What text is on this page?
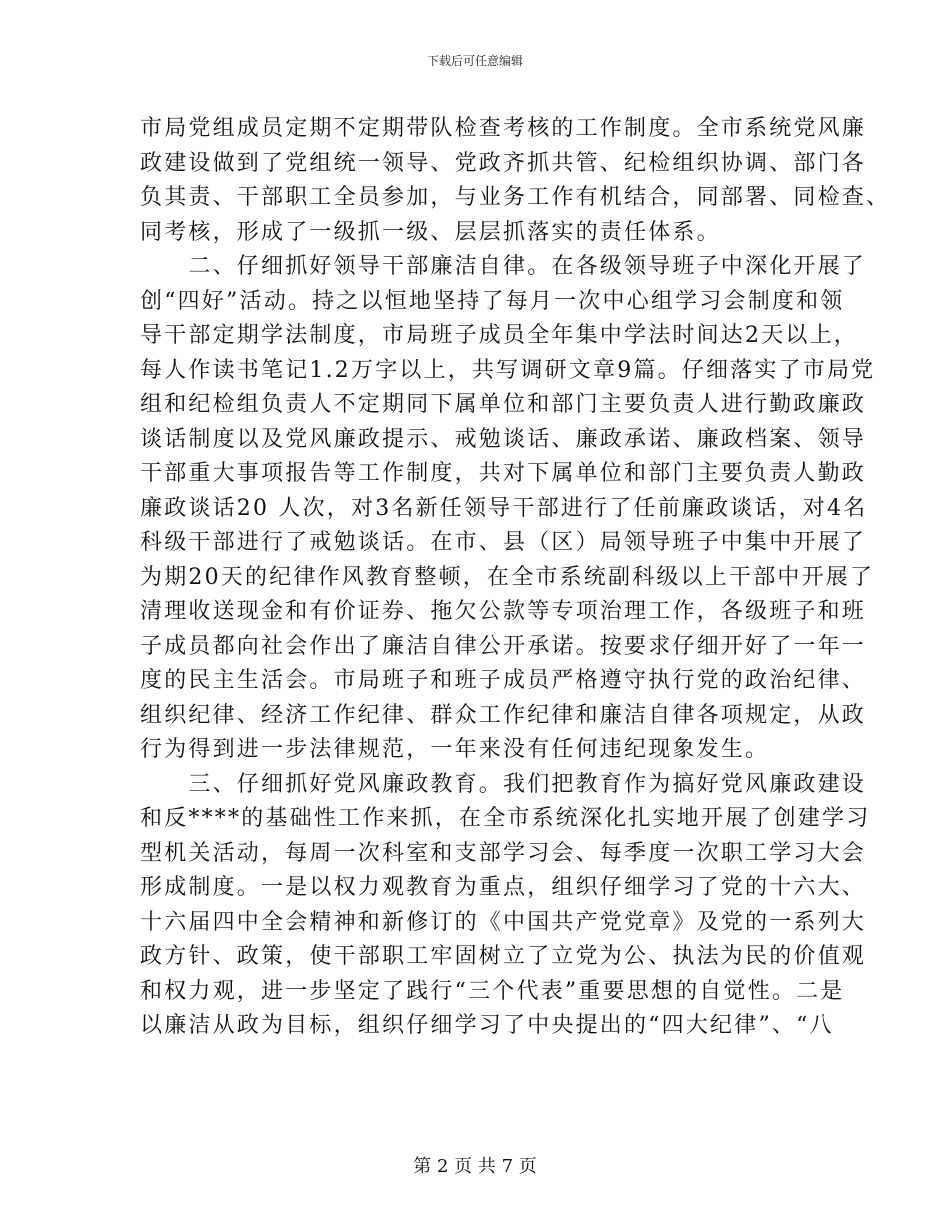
下载后可任意编辑
市局党组成员定期不定期带队检查考核的工作制度。全市系统党风廉
政建设做到了党组统一领导、党政齐抓共管、纪检组织协调、部门各
负其责、干部职工全员参加，与业务工作有机结合，同部署、同检查、
同考核，形成了一级抓一级、层层抓落实的责任体系。
　　二、仔细抓好领导干部廉洁自律。在各级领导班子中深化开展了
创“四好”活动。持之以恒地坚持了每月一次中心组学习会制度和领
导干部定期学法制度，市局班子成员全年集中学法时间达2天以上，
每人作读书笔记1.2万字以上，共写调研文章9篇。仔细落实了市局党
组和纪检组负责人不定期同下属单位和部门主要负责人进行勤政廉政
谈话制度以及党风廉政提示、戒勉谈话、廉政承诺、廉政档案、领导
干部重大事项报告等工作制度，共对下属单位和部门主要负责人勤政
廉政谈话20 人次，对3名新任领导干部进行了任前廉政谈话，对4名
科级干部进行了戒勉谈话。在市、县（区）局领导班子中集中开展了
为期20天的纪律作风教育整顿，在全市系统副科级以上干部中开展了
清理收送现金和有价证券、拖欠公款等专项治理工作，各级班子和班
子成员都向社会作出了廉洁自律公开承诺。按要求仔细开好了一年一
度的民主生活会。市局班子和班子成员严格遵守执行党的政治纪律、
组织纪律、经济工作纪律、群众工作纪律和廉洁自律各项规定，从政
行为得到进一步法律规范，一年来没有任何违纪现象发生。
　　三、仔细抓好党风廉政教育。我们把教育作为搞好党风廉政建设
和反****的基础性工作来抓，在全市系统深化扎实地开展了创建学习
型机关活动，每周一次科室和支部学习会、每季度一次职工学习大会
形成制度。一是以权力观教育为重点，组织仔细学习了党的十六大、
十六届四中全会精神和新修订的《中国共产党党章》及党的一系列大
政方针、政策，使干部职工牢固树立了立党为公、执法为民的价值观
和权力观，进一步坚定了践行“三个代表”重要思想的自觉性。二是
以廉洁从政为目标，组织仔细学习了中央提出的“四大纪律”、“八
第 2 页 共 7 页
